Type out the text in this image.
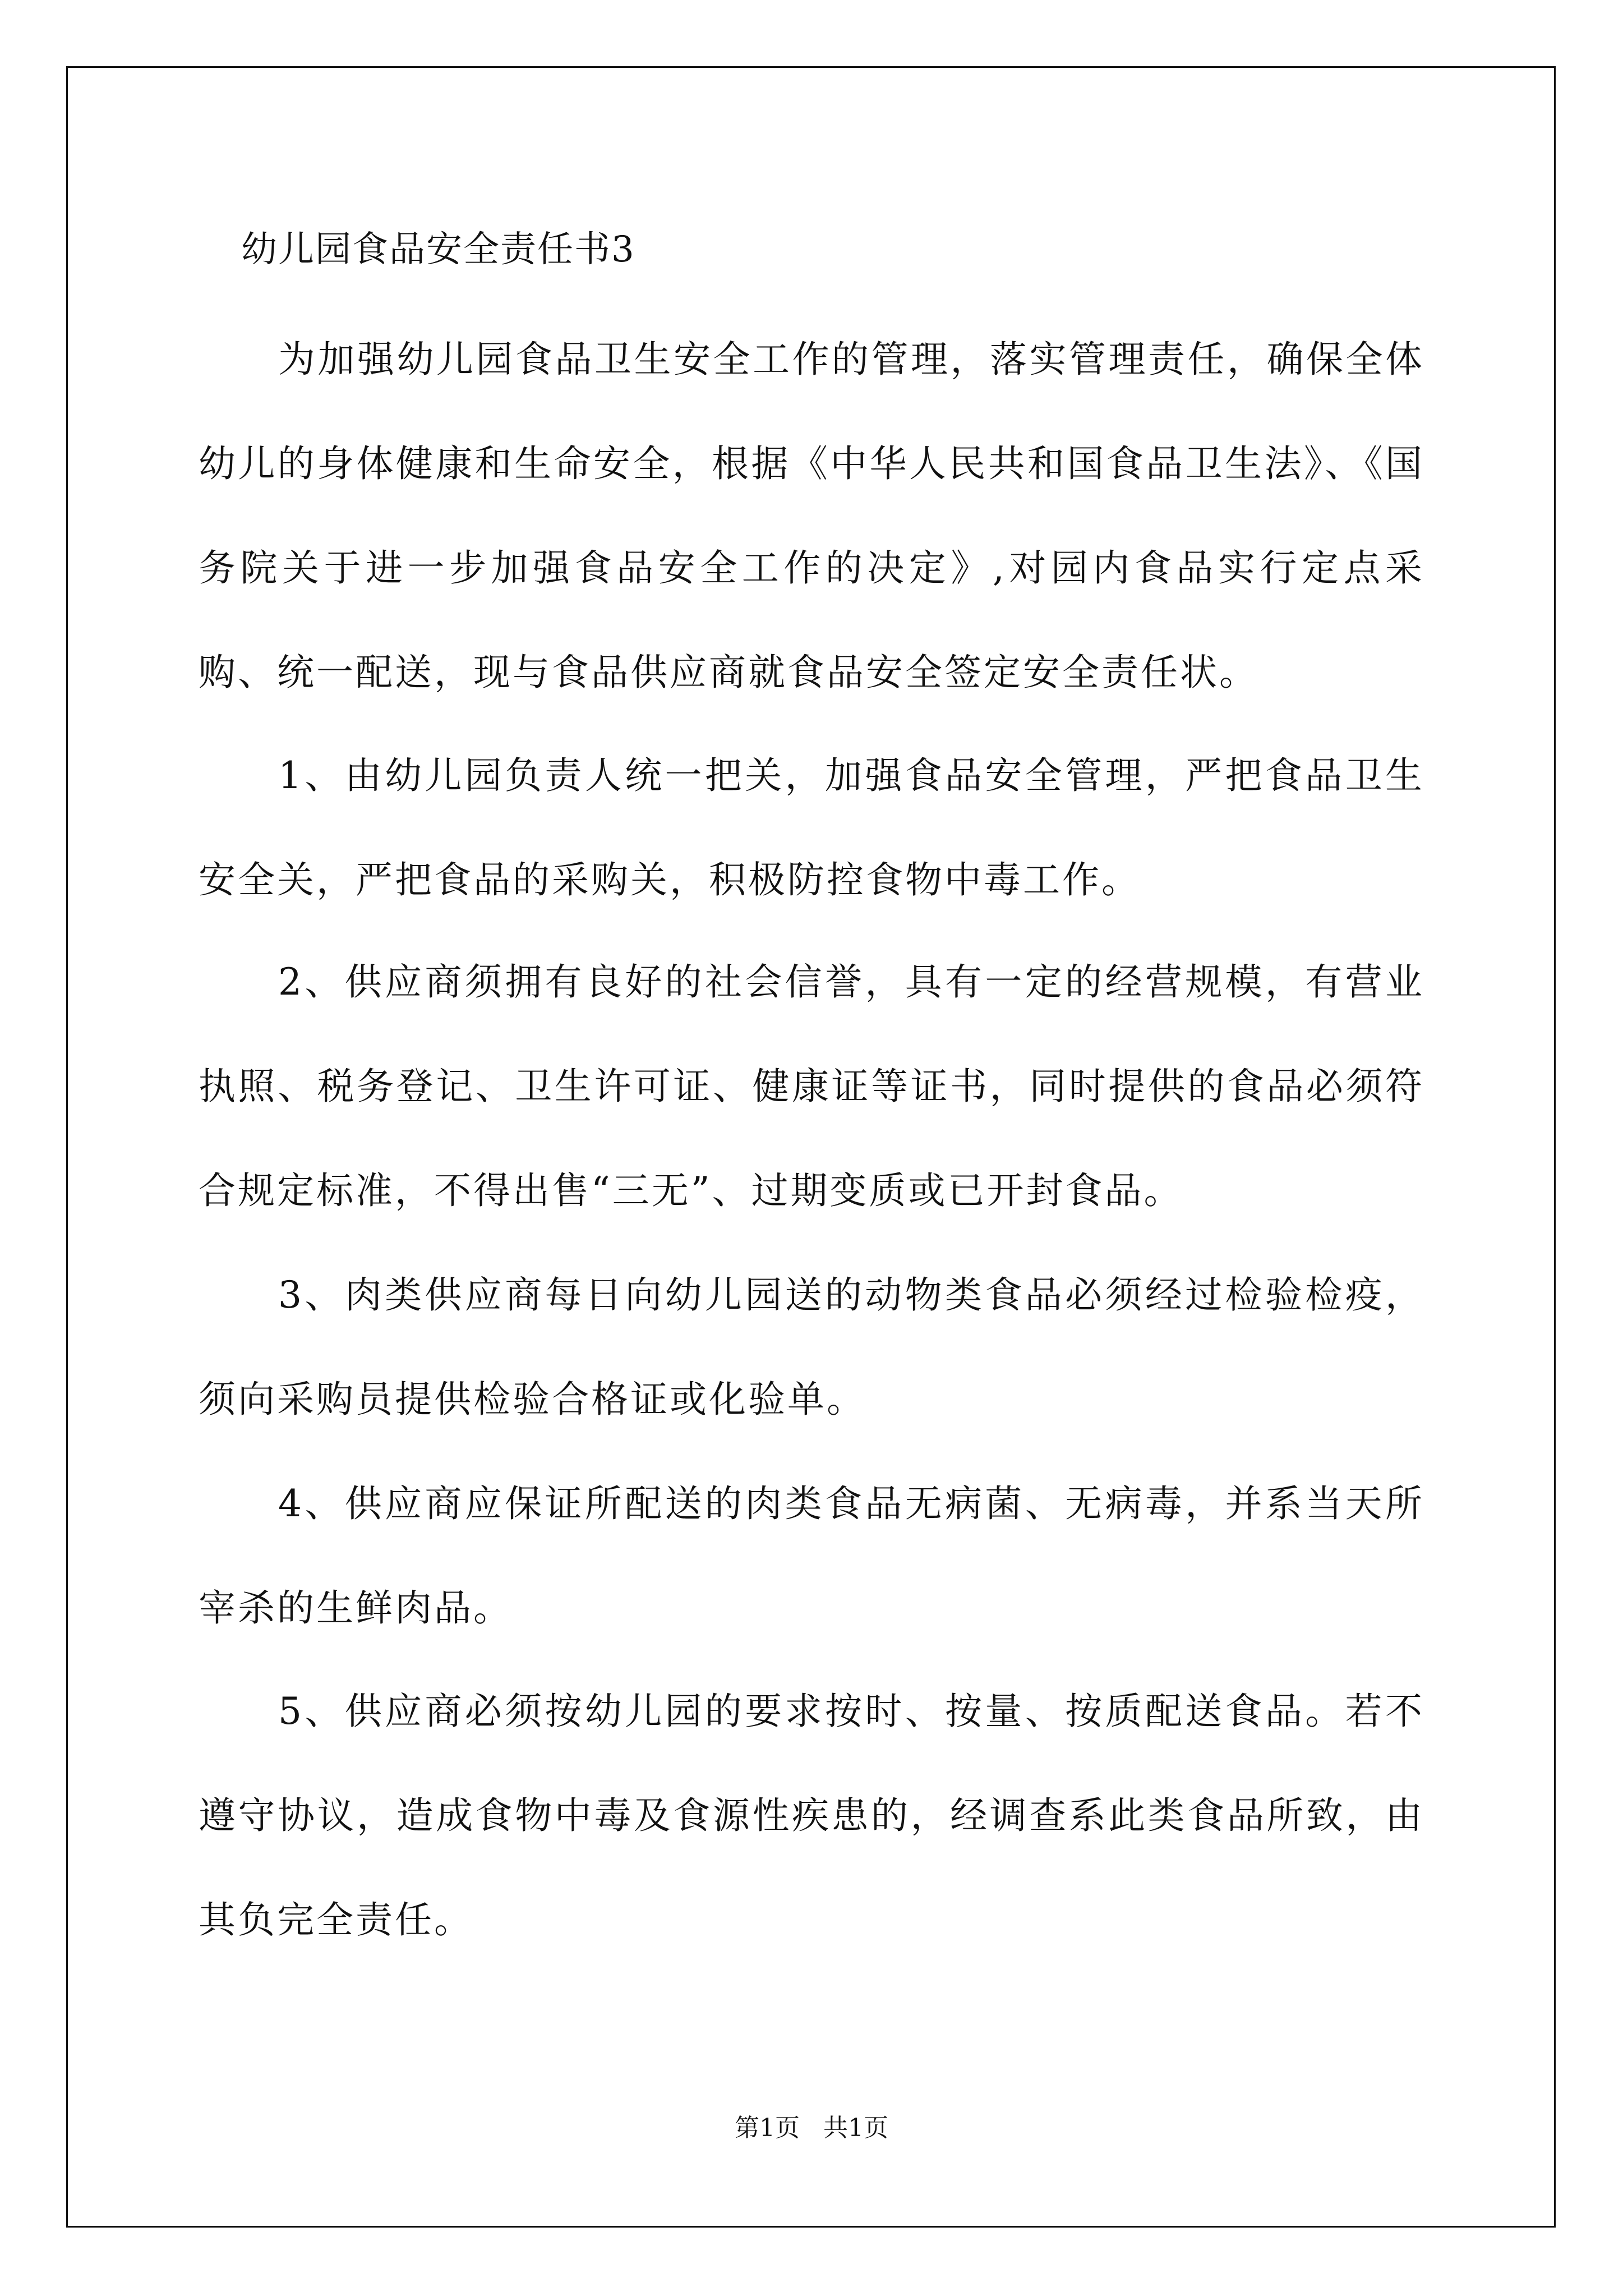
幼儿园食品安全责任书3

为加强幼儿园食品卫生安全工作的管理，落实管理责任，确保全体幼儿的身体健康和生命安全，根据《中华人民共和国食品卫生法》、《国务院关于进一步加强食品安全工作的决定》,对园内食品实行定点采购、统一配送，现与食品供应商就食品安全签定安全责任状。

1、由幼儿园负责人统一把关，加强食品安全管理，严把食品卫生安全关，严把食品的采购关，积极防控食物中毒工作。

2、供应商须拥有良好的社会信誉，具有一定的经营规模，有营业执照、税务登记、卫生许可证、健康证等证书，同时提供的食品必须符合规定标准，不得出售“三无”、过期变质或已开封食品。

3、肉类供应商每日向幼儿园送的动物类食品必须经过检验检疫，须向采购员提供检验合格证或化验单。

4、供应商应保证所配送的肉类食品无病菌、无病毒，并系当天所宰杀的生鲜肉品。

5、供应商必须按幼儿园的要求按时、按量、按质配送食品。若不遵守协议，造成食物中毒及食源性疾患的，经调查系此类食品所致，由其负完全责任。

第1页   共1页
